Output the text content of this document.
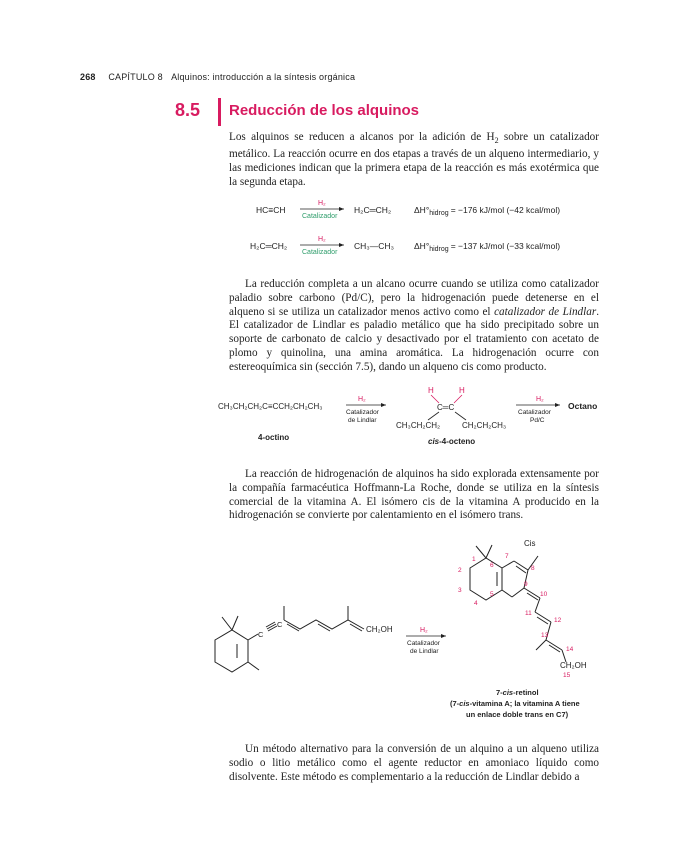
268 CAPÍTULO 8 Alquinos: introducción a la síntesis orgánica
8.5 Reducción de los alquinos
Los alquinos se reducen a alcanos por la adición de $H_2$ sobre un catalizador metálico. La reacción ocurre en dos etapas a través de un alqueno intermediario, y las mediciones indican que la primera etapa de la reacción es más exotérmica que la segunda etapa.
La reducción completa a un alcano ocurre cuando se utiliza como catalizador paladio sobre carbono (Pd/C), pero la hidrogenación puede detenerse en el alqueno si se utiliza un catalizador menos activo como el catalizador de Lindlar. El catalizador de Lindlar es paladio metálico que ha sido precipitado sobre un soporte de carbonato de calcio y desactivado por el tratamiento con acetato de plomo y quinolina, una amina aromática. La hidrogenación ocurre con estereoquímica sin (sección 7.5), dando un alqueno cis como producto.
La reacción de hidrogenación de alquinos ha sido explorada extensamente por la compañía farmacéutica Hoffmann-La Roche, donde se utiliza en la síntesis comercial de la vitamina A. El isómero cis de la vitamina A producido en la hidrogenación se convierte por calentamiento en el isómero trans.
Un método alternativo para la conversión de un alquino a un alqueno utiliza sodio o litio metálico como el agente reductor en amoniaco líquido como disolvente. Este método es complementario a la reducción de Lindlar debido a
HC≡CH
H₂
Catalizador
H₂C═CH₂	$\Delta H^\circ_{hidrog} = -176$ kJ/mol (−42 kcal/mol)
H₂C═CH₂
H₂
Catalizador
CH₃—CH₃ $\Delta H^\circ_{hidrog} = -137$ kJ/mol (−33 kcal/mol)
CH₃CH₂CH₂C≡CCH₂CH₂CH₃
4-octino
H₂
Catalizador
de Lindlar
H	H
C═C
CH₃CH₂CH₂	CH₂CH₂CH₃
cis-4-octeno
H₂
Catalizador
Pd/C
Octano
C
C
CH₂OH	H₂
Catalizador
de Lindlar
Cis
1
2
3
4
5
6
7
8
9
10
11
12
13
14
15
CH₂OH
7-cis-retinol
(7-cis-vitamina A; la vitamina A tiene
un enlace doble trans en C7)
